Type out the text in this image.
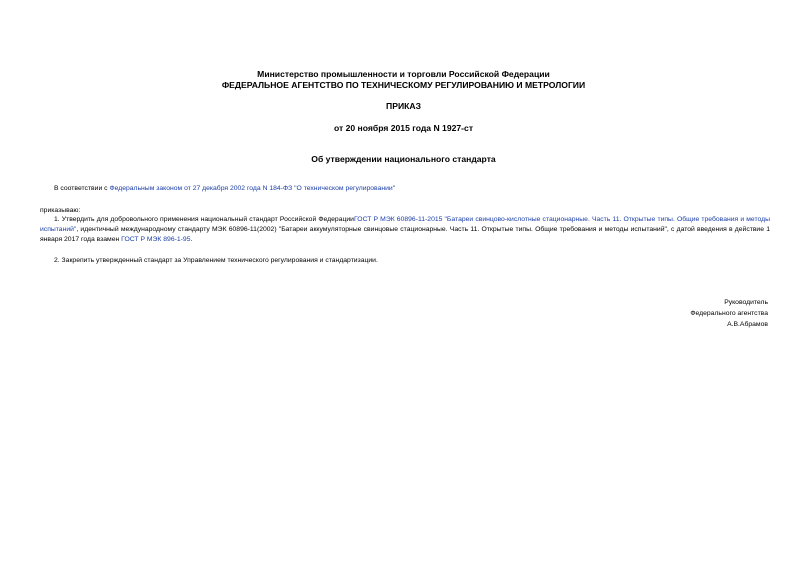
Министерство промышленности и торговли Российской Федерации
ФЕДЕРАЛЬНОЕ АГЕНТСТВО ПО ТЕХНИЧЕСКОМУ РЕГУЛИРОВАНИЮ И МЕТРОЛОГИИ
ПРИКАЗ
от 20 ноября 2015 года N 1927-ст
Об утверждении национального стандарта
В соответствии с Федеральным законом от 27 декабря 2002 года N 184-ФЗ "О техническом регулировании"
приказываю:
1. Утвердить для добровольного применения национальный стандарт Российской ФедерацииГОСТ Р МЭК 60896-11-2015 "Батареи свинцово-кислотные стационарные. Часть 11. Открытые типы. Общие требования и методы испытаний", идентичный международному стандарту МЭК 60896-11(2002) "Батареи аккумуляторные свинцовые стационарные. Часть 11. Открытые типы. Общие требования и методы испытаний", с датой введения в действие 1 января 2017 года взамен ГОСТ Р МЭК 896-1-95.
2. Закрепить утвержденный стандарт за Управлением технического регулирования и стандартизации.
Руководитель
Федерального агентства
А.В.Абрамов
